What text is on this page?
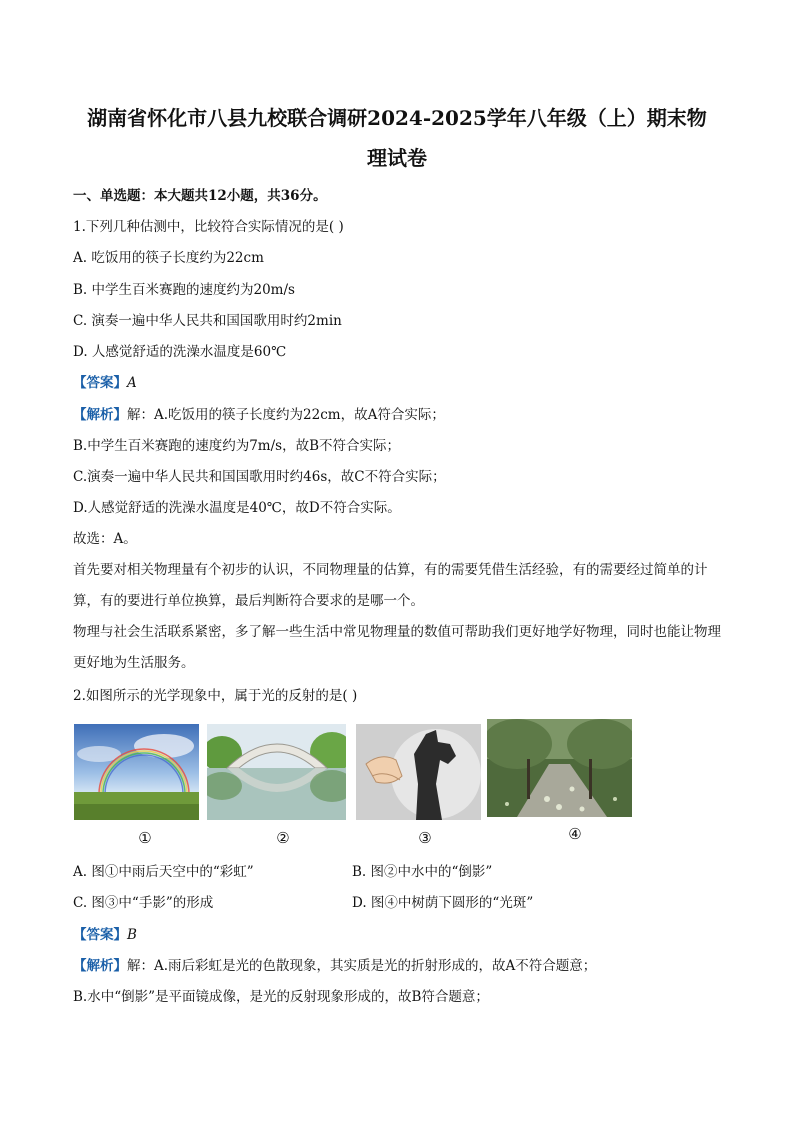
湖南省怀化市八县九校联合调研2024-2025学年八年级（上）期末物
理试卷
一、单选题：本大题共12小题，共36分。
1.下列几种估测中，比较符合实际情况的是( )
A. 吃饭用的筷子长度约为22cm
B. 中学生百米赛跑的速度约为20m/s
C. 演奏一遍中华人民共和国国歌用时约2min
D. 人感觉舒适的洗澡水温度是60℃
【答案】A
【解析】解：A.吃饭用的筷子长度约为22cm，故A符合实际；
B.中学生百米赛跑的速度约为7m/s，故B不符合实际；
C.演奏一遍中华人民共和国国歌用时约46s，故C不符合实际；
D.人感觉舒适的洗澡水温度是40℃，故D不符合实际。
故选：A。
首先要对相关物理量有个初步的认识，不同物理量的估算，有的需要凭借生活经验，有的需要经过简单的计算，有的要进行单位换算，最后判断符合要求的是哪一个。
物理与社会生活联系紧密，多了解一些生活中常见物理量的数值可帮助我们更好地学好物理，同时也能让物理更好地为生活服务。
2.如图所示的光学现象中，属于光的反射的是( )
①	②	③	④
A. 图①中雨后天空中的“彩虹”	B. 图②中水中的“倒影”
C. 图③中“手影”的形成	D. 图④中树荫下圆形的“光斑”
【答案】B
【解析】解：A.雨后彩虹是光的色散现象，其实质是光的折射形成的，故A不符合题意；
B.水中“倒影”是平面镜成像，是光的反射现象形成的，故B符合题意；
